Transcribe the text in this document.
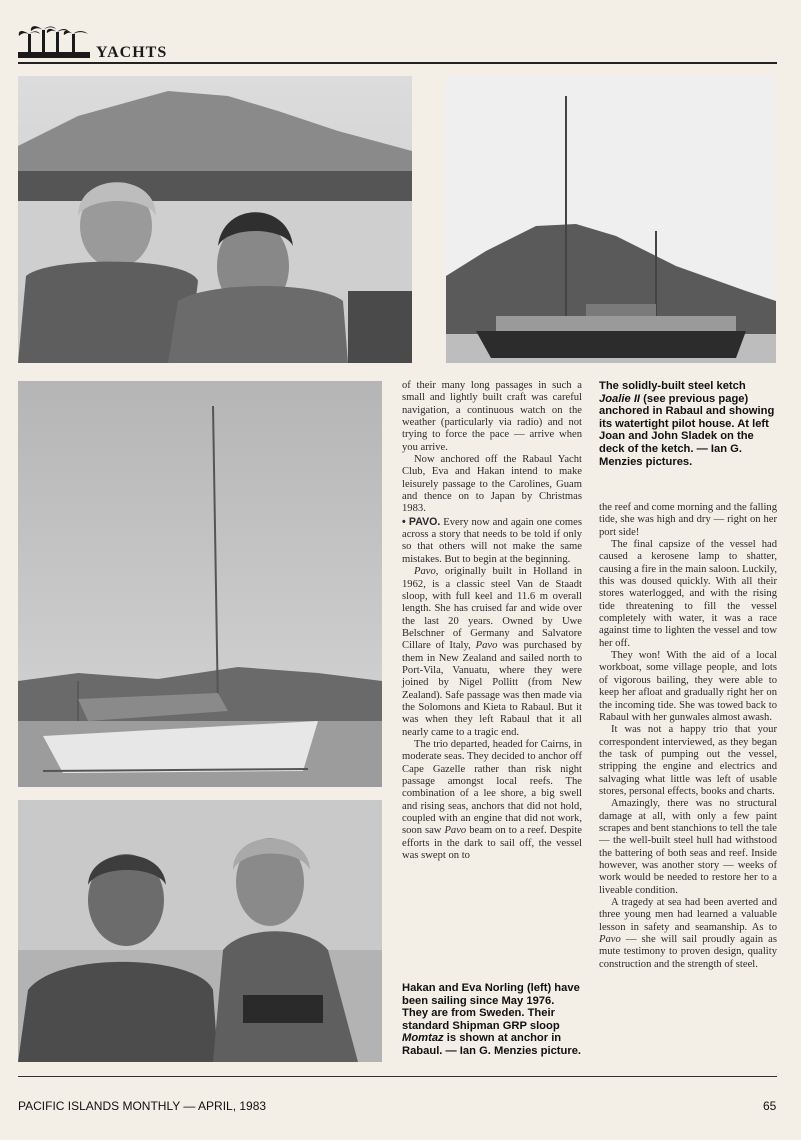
YACHTS

of their many long passages in such a small and lightly built craft was careful navigation, a continuous watch on the weather (particularly via radio) and not trying to force the pace — arrive when you arrive.

Now anchored off the Rabaul Yacht Club, Eva and Hakan intend to make leisurely passage to the Carolines, Guam and thence on to Japan by Christmas 1983.

• PAVO. Every now and again one comes across a story that needs to be told if only so that others will not make the same mistakes. But to begin at the beginning.

Pavo, originally built in Holland in 1962, is a classic steel Van de Staadt sloop, with full keel and 11.6 m overall length. She has cruised far and wide over the last 20 years. Owned by Uwe Belschner of Germany and Salvatore Cillare of Italy, Pavo was purchased by them in New Zealand and sailed north to Port-Vila, Vanuatu, where they were joined by Nigel Pollitt (from New Zealand). Safe passage was then made via the Solomons and Kieta to Rabaul. But it was when they left Rabaul that it all nearly came to a tragic end.

The trio departed, headed for Cairns, in moderate seas. They decided to anchor off Cape Gazelle rather than risk night passage amongst local reefs. The combination of a lee shore, a big swell and rising seas, anchors that did not hold, coupled with an engine that did not work, soon saw Pavo beam on to a reef. Despite efforts in the dark to sail off, the vessel was swept on to

The solidly-built steel ketch Joalie II (see previous page) anchored in Rabaul and showing its watertight pilot house. At left Joan and John Sladek on the deck of the ketch. — Ian G. Menzies pictures.

the reef and come morning and the falling tide, she was high and dry — right on her port side!

The final capsize of the vessel had caused a kerosene lamp to shatter, causing a fire in the main saloon. Luckily, this was doused quickly. With all their stores waterlogged, and with the rising tide threatening to fill the vessel completely with water, it was a race against time to lighten the vessel and tow her off.

They won! With the aid of a local workboat, some village people, and lots of vigorous bailing, they were able to keep her afloat and gradually right her on the incoming tide. She was towed back to Rabaul with her gunwales almost awash.

It was not a happy trio that your correspondent interviewed, as they began the task of pumping out the vessel, stripping the engine and electrics and salvaging what little was left of usable stores, personal effects, books and charts.

Amazingly, there was no structural damage at all, with only a few paint scrapes and bent stanchions to tell the tale — the well-built steel hull had withstood the battering of both seas and reef. Inside however, was another story — weeks of work would be needed to restore her to a liveable condition.

A tragedy at sea had been averted and three young men had learned a valuable lesson in safety and seamanship. As to Pavo — she will sail proudly again as mute testimony to proven design, quality construction and the strength of steel.

Hakan and Eva Norling (left) have been sailing since May 1976. They are from Sweden. Their standard Shipman GRP sloop Momtaz is shown at anchor in Rabaul. — Ian G. Menzies picture.
PACIFIC ISLANDS MONTHLY — APRIL, 1983	65
